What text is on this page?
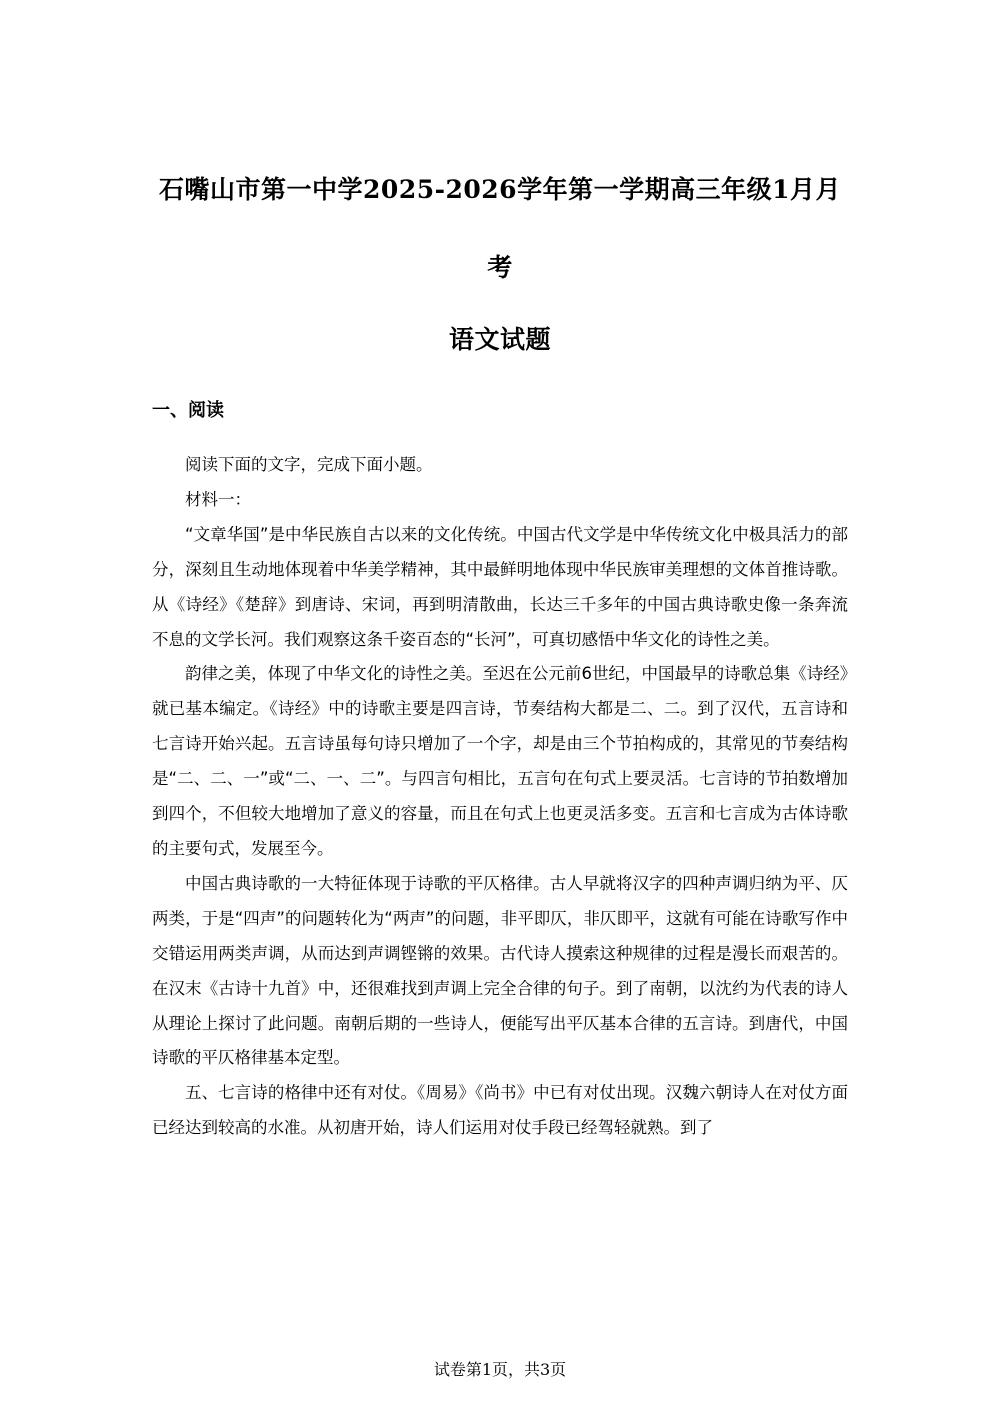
石嘴山市第一中学2025-2026学年第一学期高三年级1月月
考
语文试题
一、阅读

阅读下面的文字，完成下面小题。

材料一：

“文章华国”是中华民族自古以来的文化传统。中国古代文学是中华传统文化中极具活力的部分，深刻且生动地体现着中华美学精神，其中最鲜明地体现中华民族审美理想的文体首推诗歌。从《诗经》《楚辞》到唐诗、宋词，再到明清散曲，长达三千多年的中国古典诗歌史像一条奔流不息的文学长河。我们观察这条千姿百态的“长河”，可真切感悟中华文化的诗性之美。

韵律之美，体现了中华文化的诗性之美。至迟在公元前6世纪，中国最早的诗歌总集《诗经》就已基本编定。《诗经》中的诗歌主要是四言诗，节奏结构大都是二、二。到了汉代，五言诗和七言诗开始兴起。五言诗虽每句诗只增加了一个字，却是由三个节拍构成的，其常见的节奏结构是“二、二、一”或“二、一、二”。与四言句相比，五言句在句式上要灵活。七言诗的节拍数增加到四个，不但较大地增加了意义的容量，而且在句式上也更灵活多变。五言和七言成为古体诗歌的主要句式，发展至今。

中国古典诗歌的一大特征体现于诗歌的平仄格律。古人早就将汉字的四种声调归纳为平、仄两类，于是“四声”的问题转化为“两声”的问题，非平即仄，非仄即平，这就有可能在诗歌写作中交错运用两类声调，从而达到声调铿锵的效果。古代诗人摸索这种规律的过程是漫长而艰苦的。在汉末《古诗十九首》中，还很难找到声调上完全合律的句子。到了南朝，以沈约为代表的诗人从理论上探讨了此问题。南朝后期的一些诗人，便能写出平仄基本合律的五言诗。到唐代，中国诗歌的平仄格律基本定型。

五、七言诗的格律中还有对仗。《周易》《尚书》中已有对仗出现。汉魏六朝诗人在对仗方面已经达到较高的水准。从初唐开始，诗人们运用对仗手段已经驾轻就熟。到了

试卷第1页，共3页
